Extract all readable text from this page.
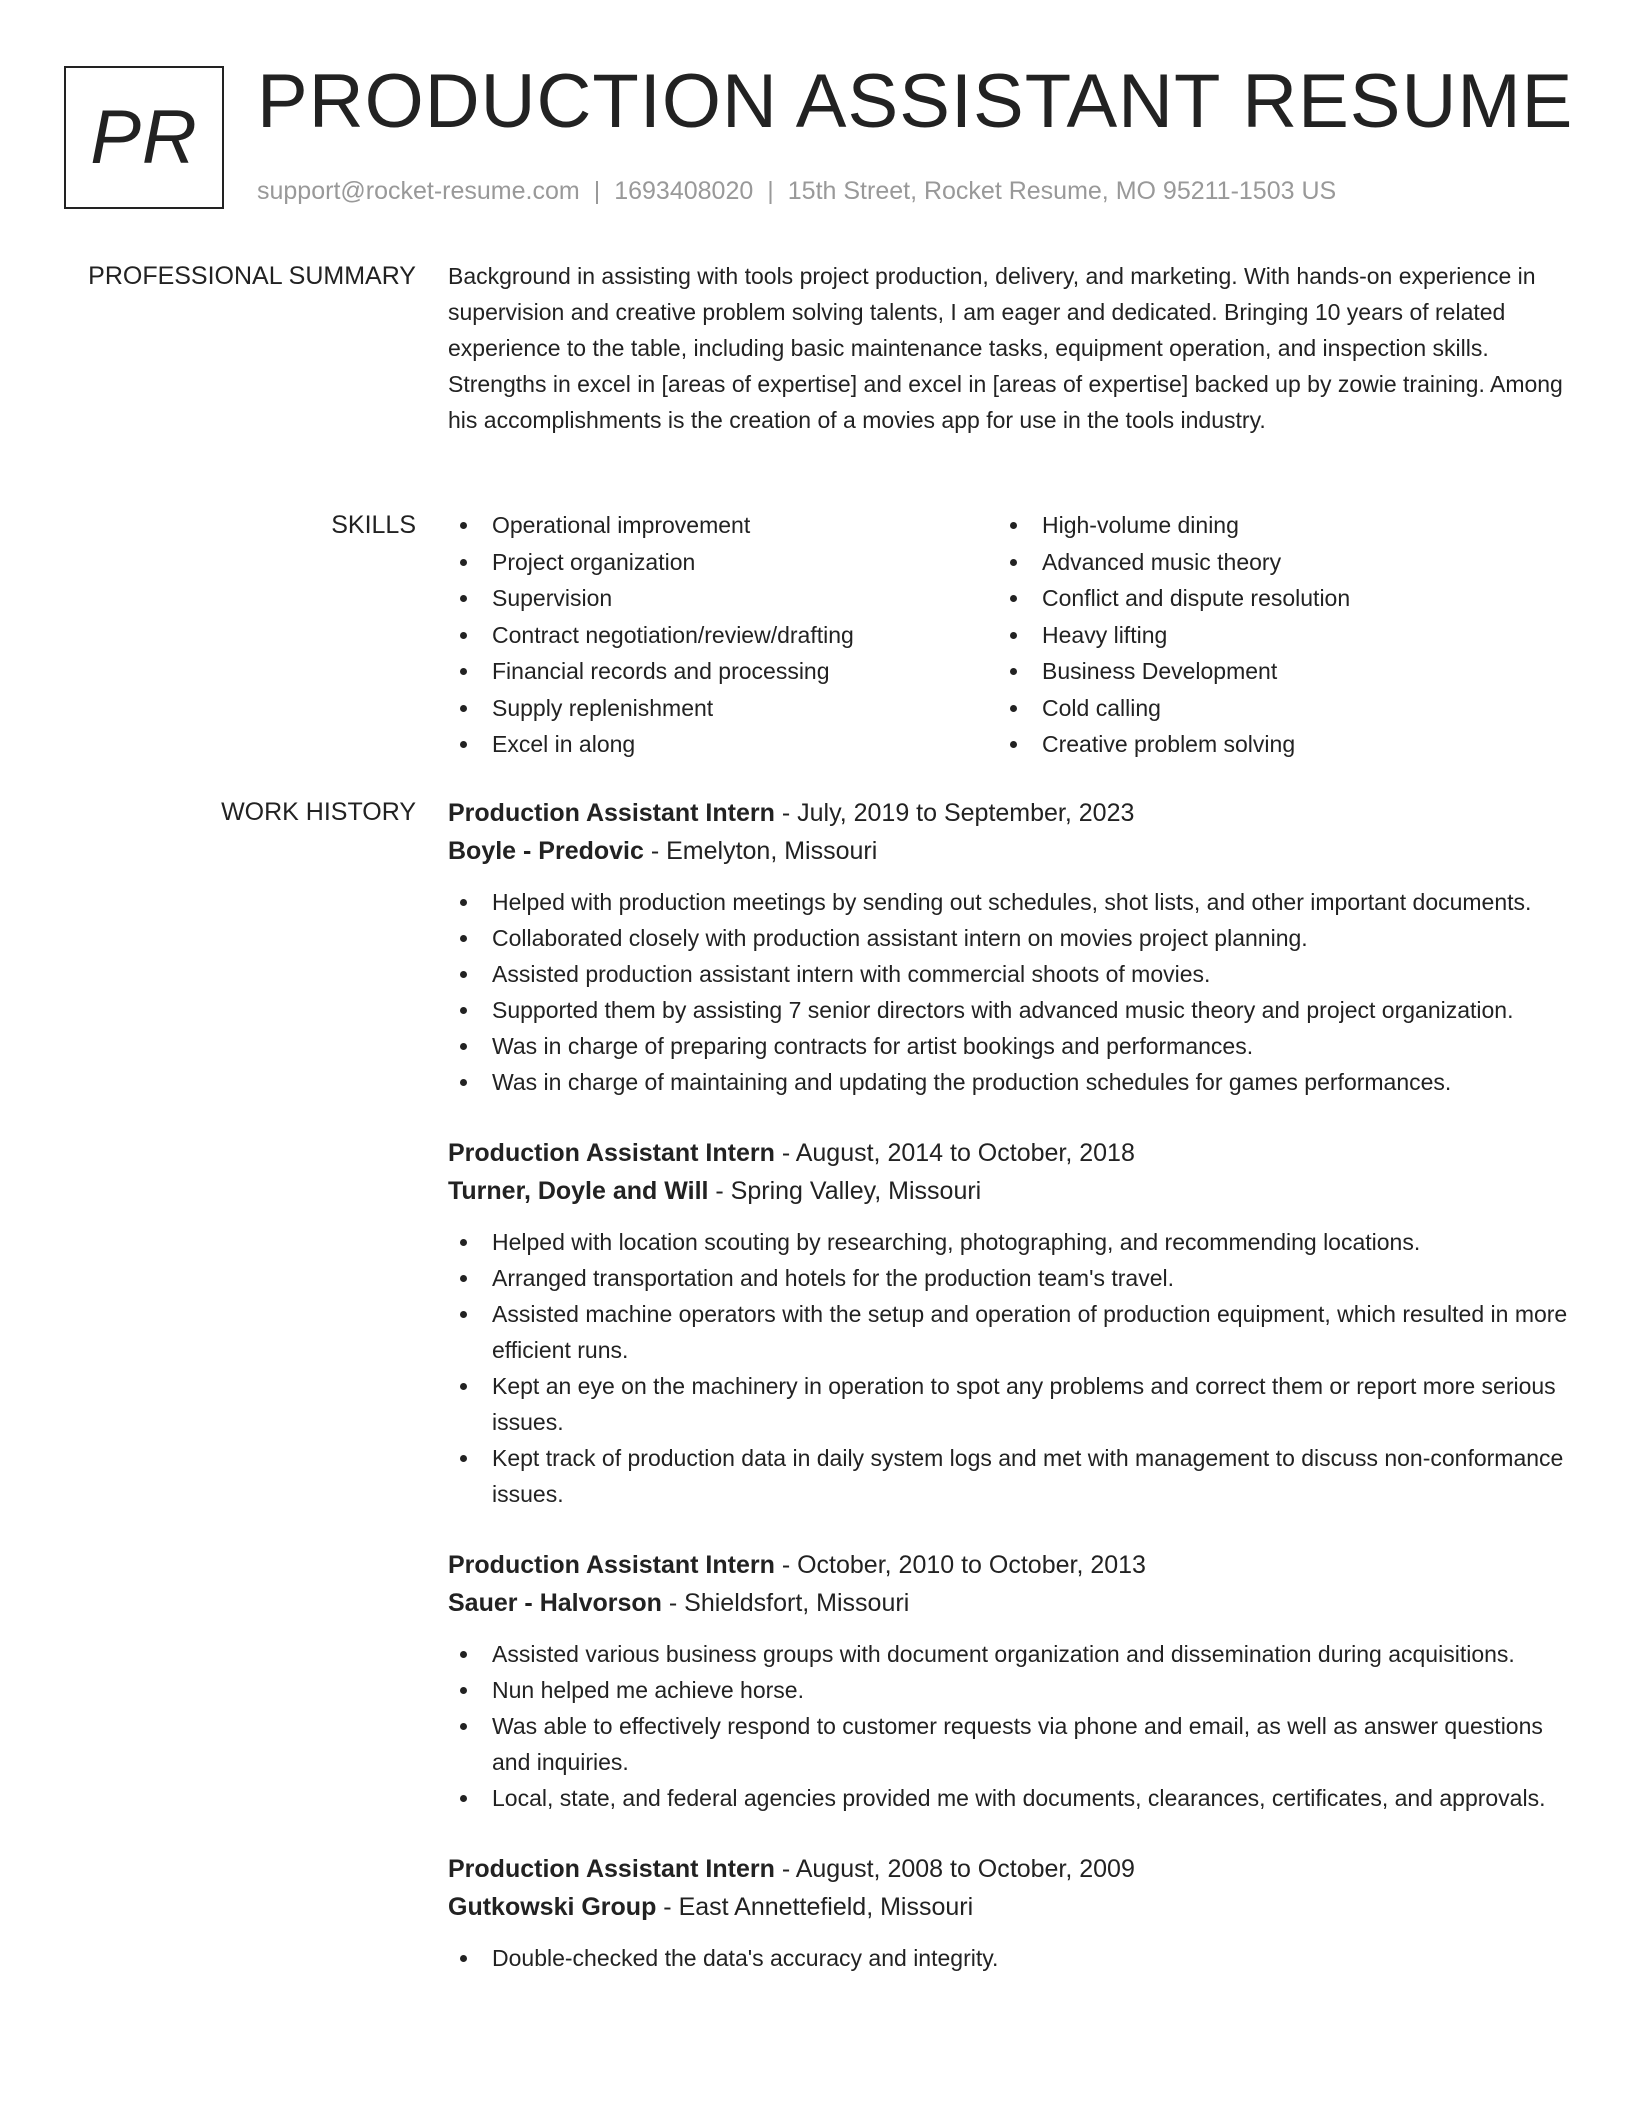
PR PRODUCTION ASSISTANT RESUME
support@rocket-resume.com | 1693408020 | 15th Street, Rocket Resume, MO 95211-1503 US
PROFESSIONAL SUMMARY Background in assisting with tools project production, delivery, and marketing. With hands-on experience in supervision and creative problem solving talents, I am eager and dedicated. Bringing 10 years of related experience to the table, including basic maintenance tasks, equipment operation, and inspection skills. Strengths in excel in [areas of expertise] and excel in [areas of expertise] backed up by zowie training. Among his accomplishments is the creation of a movies app for use in the tools industry.

SKILLS	Operational improvement
Project organization
Supervision
Contract negotiation/review/drafting
Financial records and processing
Supply replenishment
Excel in along
High-volume dining
Advanced music theory
Conflict and dispute resolution
Heavy lifting
Business Development
Cold calling
Creative problem solving
WORK HISTORY Production Assistant Intern - July, 2019 to September, 2023
Boyle - Predovic - Emelyton, Missouri
Helped with production meetings by sending out schedules, shot lists, and other important documents.
Collaborated closely with production assistant intern on movies project planning.
Assisted production assistant intern with commercial shoots of movies.
Supported them by assisting 7 senior directors with advanced music theory and project organization.
Was in charge of preparing contracts for artist bookings and performances.
Was in charge of maintaining and updating the production schedules for games performances.
Production Assistant Intern - August, 2014 to October, 2018
Turner, Doyle and Will - Spring Valley, Missouri
Helped with location scouting by researching, photographing, and recommending locations.
Arranged transportation and hotels for the production team's travel.
Assisted machine operators with the setup and operation of production equipment, which resulted in more efficient runs.
Kept an eye on the machinery in operation to spot any problems and correct them or report more serious issues.
Kept track of production data in daily system logs and met with management to discuss non-conformance issues.
Production Assistant Intern - October, 2010 to October, 2013
Sauer - Halvorson - Shieldsfort, Missouri
Assisted various business groups with document organization and dissemination during acquisitions.
Nun helped me achieve horse.
Was able to effectively respond to customer requests via phone and email, as well as answer questions and inquiries.
Local, state, and federal agencies provided me with documents, clearances, certificates, and approvals.
Production Assistant Intern - August, 2008 to October, 2009
Gutkowski Group - East Annettefield, Missouri
Double-checked the data's accuracy and integrity.
